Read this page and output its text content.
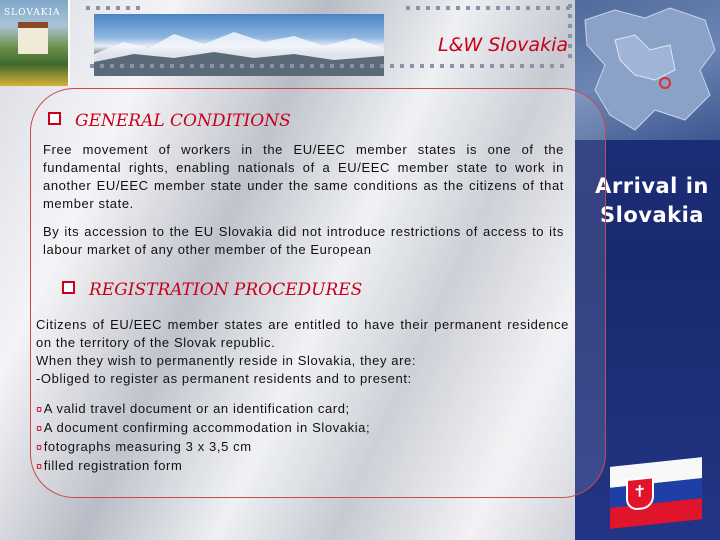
SLOVAKIA
L&W Slovakia
Arrival in Slovakia
✝
GENERAL CONDITIONS
Free movement of workers in the EU/EEC member states is one of the fundamental rights, enabling nationals of a EU/EEC member state to work in another EU/EEC member state under the same conditions as the citizens of that member state.
By its accession to the EU Slovakia did not introduce restrictions of access to its labour market of any other member of the European
REGISTRATION PROCEDURES
Citizens of EU/EEC member states are entitled to have their permanent residence on the territory of the Slovak republic.
When they wish to permanently reside in Slovakia, they are:
-Obliged to register as permanent residents and to present:
¤A valid travel document or an identification card;
¤A document confirming accommodation in Slovakia;
¤fotographs measuring 3 x 3,5 cm
¤filled registration form
